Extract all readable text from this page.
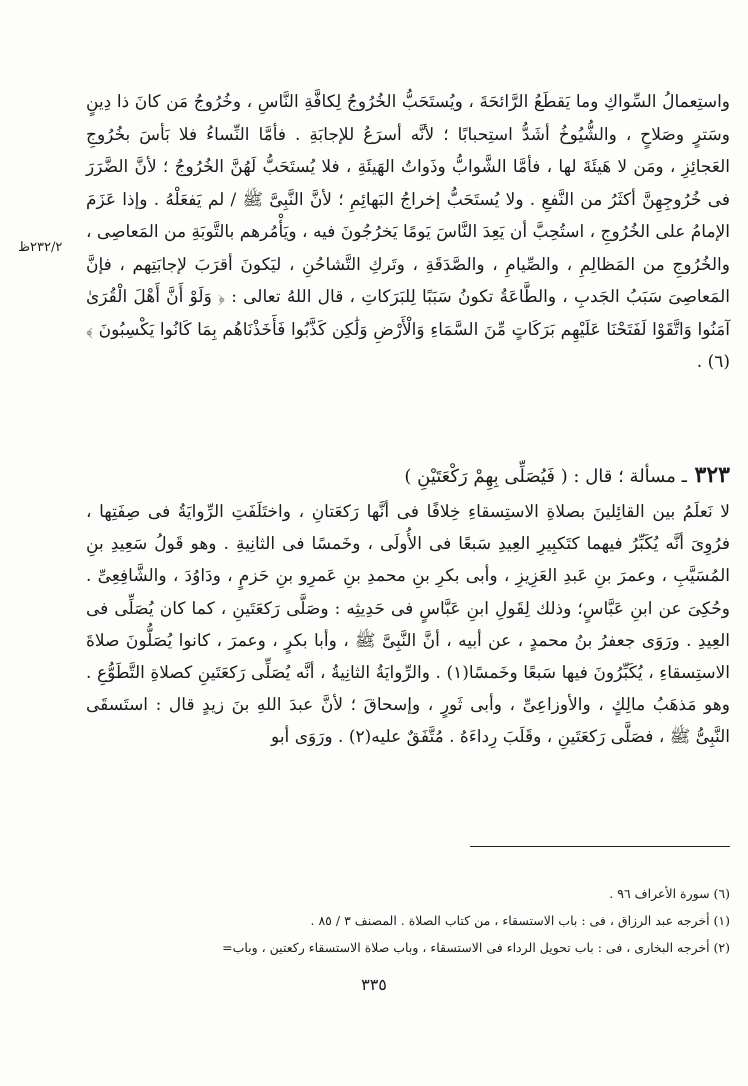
٢٣٢/٢ظ

واستِعمالُ السِّواكِ وما يَقطَعُ الرَّائحَةَ ، ويُستَحَبُّ الخُرُوجُ لِكافَّةِ النَّاسِ ، وخُرُوجُ مَن كانَ ذا دِينٍ وسَترٍ وصَلاحٍ ، والشُّيُوخُ أشَدُّ استِحبابًا ؛ لأنَّه أسرَعُ للإجابَةِ . فأمَّا النِّساءُ فلا بَأسَ بخُرُوجِ العَجائِزِ ، ومَن لا هَيئَةَ لها ، فأمَّا الشَّوابُّ وذَواتُ الهَيئَةِ ، فلا يُستَحَبُّ لَهُنَّ الخُرُوجُ ؛ لأنَّ الضَّرَرَ فى خُرُوجِهِنَّ أكثَرُ من النَّفعِ . ولا يُستَحَبُّ إخراجُ البَهائِمِ ؛ لأنَّ النَّبِىَّ ﷺ / لم يَفعَلْهُ . وإذا عَزَمَ الإمامُ على الخُرُوجِ ، استُحِبَّ أن يَعِدَ النَّاسَ يَومًا يَخرُجُونَ فيه ، ويَأْمُرهم بالتَّوبَةِ من المَعاصِى ، والخُرُوجِ من المَظالِمِ ، والصِّيامِ ، والصَّدَقَةِ ، وتَركِ التَّشاحُنِ ، ليَكونَ أقرَبَ لإجابَتِهم ، فإنَّ المَعاصِىَ سَبَبُ الجَدبِ ، والطَّاعَةُ تكونُ سَبَبًا لِلبَرَكاتِ ، قال اللهُ تعالى : ﴿ وَلَوْ أَنَّ أَهْلَ الْقُرَىٰ آمَنُوا وَاتَّقَوْا لَفَتَحْنَا عَلَيْهِم بَرَكَاتٍ مِّنَ السَّمَاءِ وَالْأَرْضِ وَلَٰكِن كَذَّبُوا فَأَخَذْنَاهُم بِمَا كَانُوا يَكْسِبُونَ ﴾(٦) .

٣٢٣ ـ مسألة ؛ قال : ( فَيُصَلِّى بِهِمْ رَكْعَتَيْنِ )

لا نَعلَمُ بين القائِلينَ بصلاةِ الاستِسقاءِ خِلافًا فى أنَّها رَكعَتانِ ، واختَلَفَتِ الرِّوايَةُ فى صِفَتِها ، فرُوِىَ أنَّه يُكَبِّرُ فيهما كتَكبِيرِ العِيدِ سَبعًا فى الأُولَى ، وخَمسًا فى الثانِيةِ . وهو قَولُ سَعِيدِ بنِ المُسَيَّبِ ، وعمرَ بنِ عَبدِ العَزِيزِ ، وأبى بكرِ بنِ محمدِ بنِ عَمرِو بنِ حَزمٍ ، ودَاوُدَ ، والشَّافِعِىِّ . وحُكِىَ عن ابنِ عَبَّاسٍ؛ وذلك لِقَولِ ابنِ عَبَّاسٍ فى حَدِيثِه : وصَلَّى رَكعَتَينِ ، كما كان يُصَلِّى فى العِيدِ . ورَوَى جعفرُ بنُ محمدٍ ، عن أبيه ، أنَّ النَّبِىَّ ﷺ ، وأبا بكرٍ ، وعمرَ ، كانوا يُصَلُّونَ صلاةَ الاستِسقاءِ ، يُكَبِّرُونَ فيها سَبعًا وخَمسًا(١) . والرِّوايَةُ الثانِيةُ ، أنَّه يُصَلِّى رَكعَتَينِ كصلاةِ التَّطَوُّعِ . وهو مَذهَبُ مالِكٍ ، والأوزاعِىِّ ، وأبى ثَورٍ ، وإسحاقَ ؛ لأنَّ عبدَ اللهِ بنَ زيدٍ قال : استَسقَى النَّبِىُّ ﷺ ، فصَلَّى رَكعَتَينِ ، وقَلَبَ رِداءَهُ . مُتَّفَقٌ عليه(٢) . ورَوَى أبو

(٦) سورة الأعراف ٩٦ .

(١) أخرجه عبد الرزاق ، فى : باب الاستسقاء ، من كتاب الصلاة . المصنف ٣ / ٨٥ .

(٢) أخرجه البخارى ، فى : باب تحويل الرداء فى الاستسقاء ، وباب صلاة الاستسقاء ركعتين ، وباب=

٣٣٥
